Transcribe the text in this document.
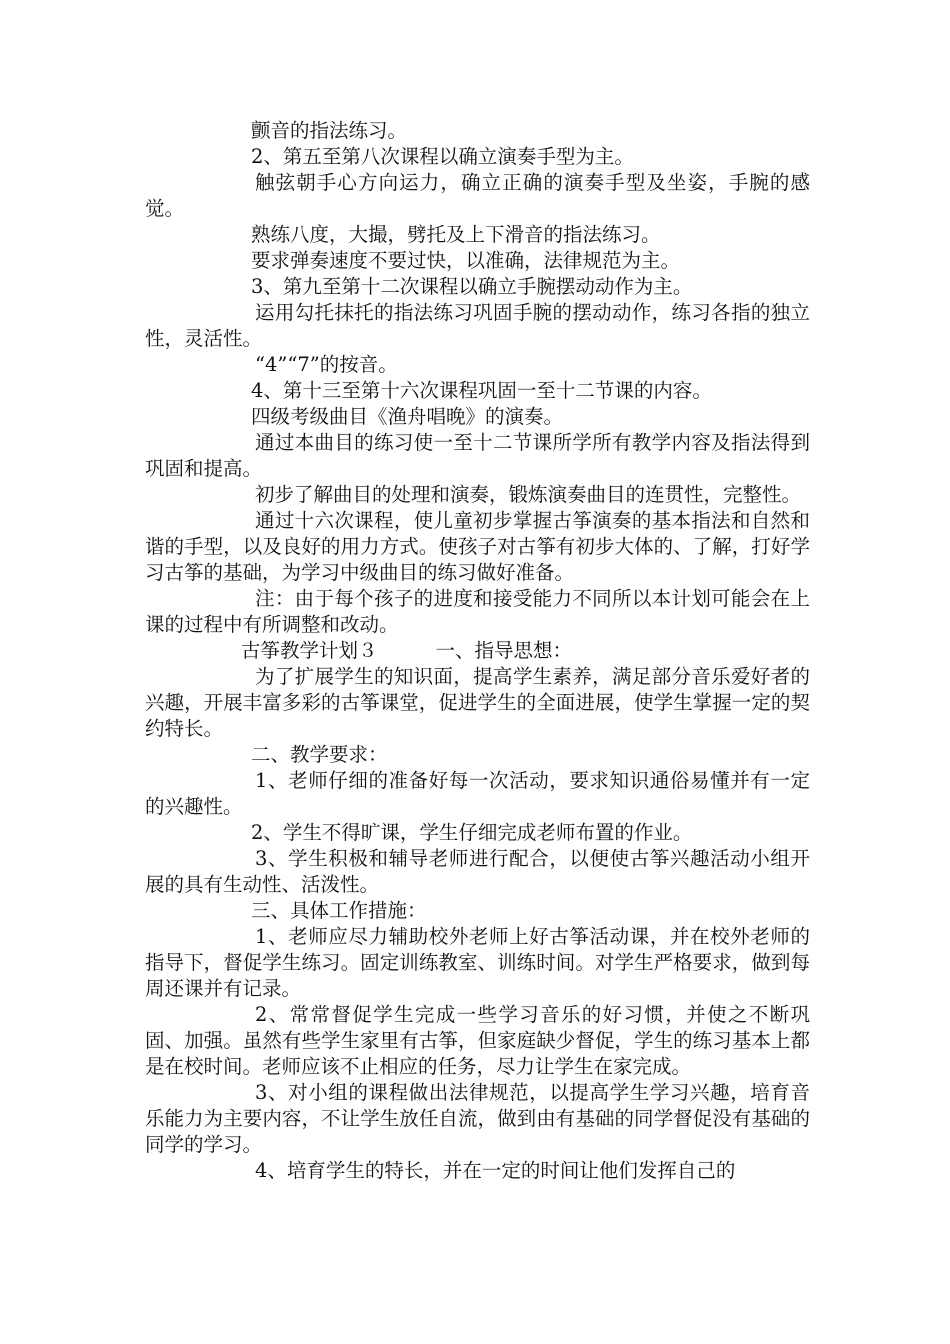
颤音的指法练习。

2、第五至第八次课程以确立演奏手型为主。

触弦朝手心方向运力，确立正确的演奏手型及坐姿，手腕的感觉。

熟练八度，大撮，劈托及上下滑音的指法练习。

要求弹奏速度不要过快，以准确，法律规范为主。

3、第九至第十二次课程以确立手腕摆动动作为主。

运用勾托抹托的指法练习巩固手腕的摆动动作，练习各指的独立性，灵活性。

“4”“7”的按音。

4、第十三至第十六次课程巩固一至十二节课的内容。

四级考级曲目《渔舟唱晚》的演奏。

通过本曲目的练习使一至十二节课所学所有教学内容及指法得到巩固和提高。

初步了解曲目的处理和演奏，锻炼演奏曲目的连贯性，完整性。

通过十六次课程，使儿童初步掌握古筝演奏的基本指法和自然和谐的手型，以及良好的用力方式。使孩子对古筝有初步大体的、了解，打好学习古筝的基础，为学习中级曲目的练习做好准备。

注：由于每个孩子的进度和接受能力不同所以本计划可能会在上课的过程中有所调整和改动。

古筝教学计划３	一、指导思想：

为了扩展学生的知识面，提高学生素养，满足部分音乐爱好者的兴趣，开展丰富多彩的古筝课堂，促进学生的全面进展，使学生掌握一定的契约特长。

二、教学要求：

1、老师仔细的准备好每一次活动，要求知识通俗易懂并有一定的兴趣性。

2、学生不得旷课，学生仔细完成老师布置的作业。

3、学生积极和辅导老师进行配合，以便使古筝兴趣活动小组开展的具有生动性、活泼性。

三、具体工作措施：

1、老师应尽力辅助校外老师上好古筝活动课，并在校外老师的指导下，督促学生练习。固定训练教室、训练时间。对学生严格要求，做到每周还课并有记录。

2、常常督促学生完成一些学习音乐的好习惯，并使之不断巩固、加强。虽然有些学生家里有古筝，但家庭缺少督促，学生的练习基本上都是在校时间。老师应该不止相应的任务，尽力让学生在家完成。

3、对小组的课程做出法律规范，以提高学生学习兴趣，培育音乐能力为主要内容，不让学生放任自流，做到由有基础的同学督促没有基础的同学的学习。

4、培育学生的特长，并在一定的时间让他们发挥自己的
